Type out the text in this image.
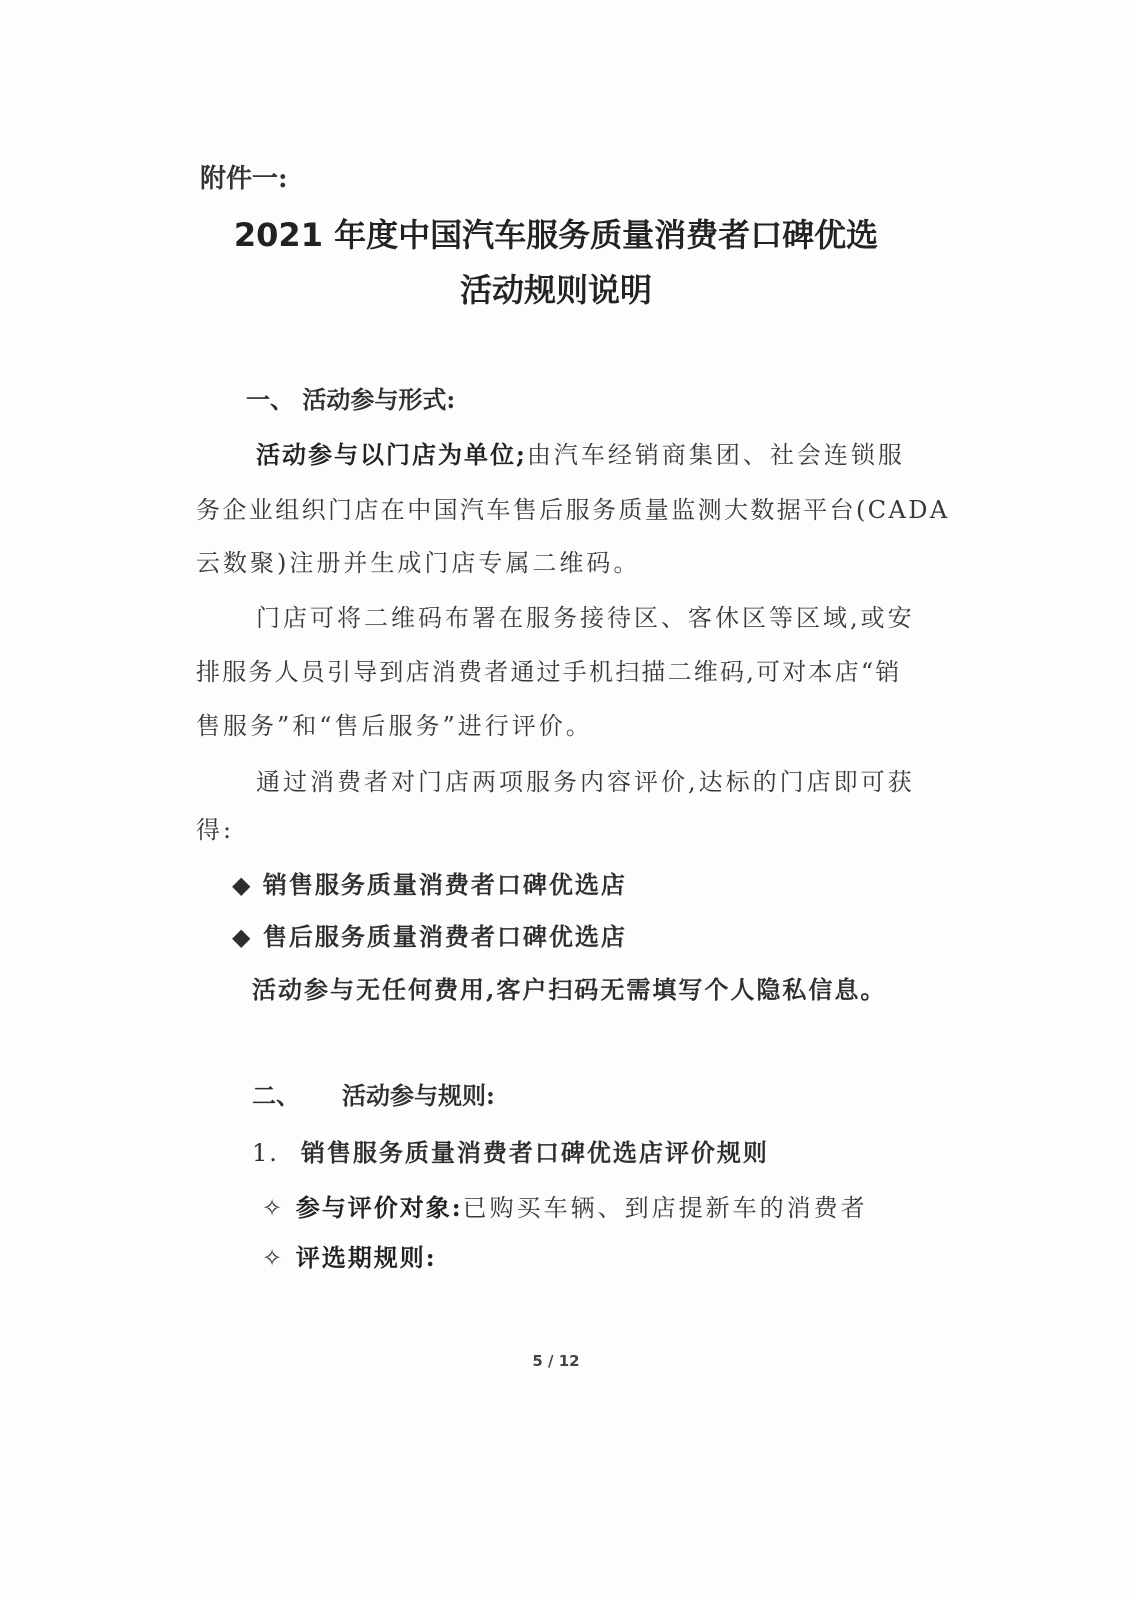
附件一:
2021 年度中国汽车服务质量消费者口碑优选
活动规则说明
一、 活动参与形式:
活动参与以门店为单位;由汽车经销商集团、社会连锁服
务企业组织门店在中国汽车售后服务质量监测大数据平台(CADA
云数聚)注册并生成门店专属二维码。
门店可将二维码布署在服务接待区、客休区等区域,或安
排服务人员引导到店消费者通过手机扫描二维码,可对本店“销
售服务”和“售后服务”进行评价。
通过消费者对门店两项服务内容评价,达标的门店即可获
得:
◆ 销售服务质量消费者口碑优选店
◆ 售后服务质量消费者口碑优选店
活动参与无任何费用,客户扫码无需填写个人隐私信息。
二、 活动参与规则:
1. 销售服务质量消费者口碑优选店评价规则
✧ 参与评价对象:已购买车辆、到店提新车的消费者
✧ 评选期规则:
5 / 12
